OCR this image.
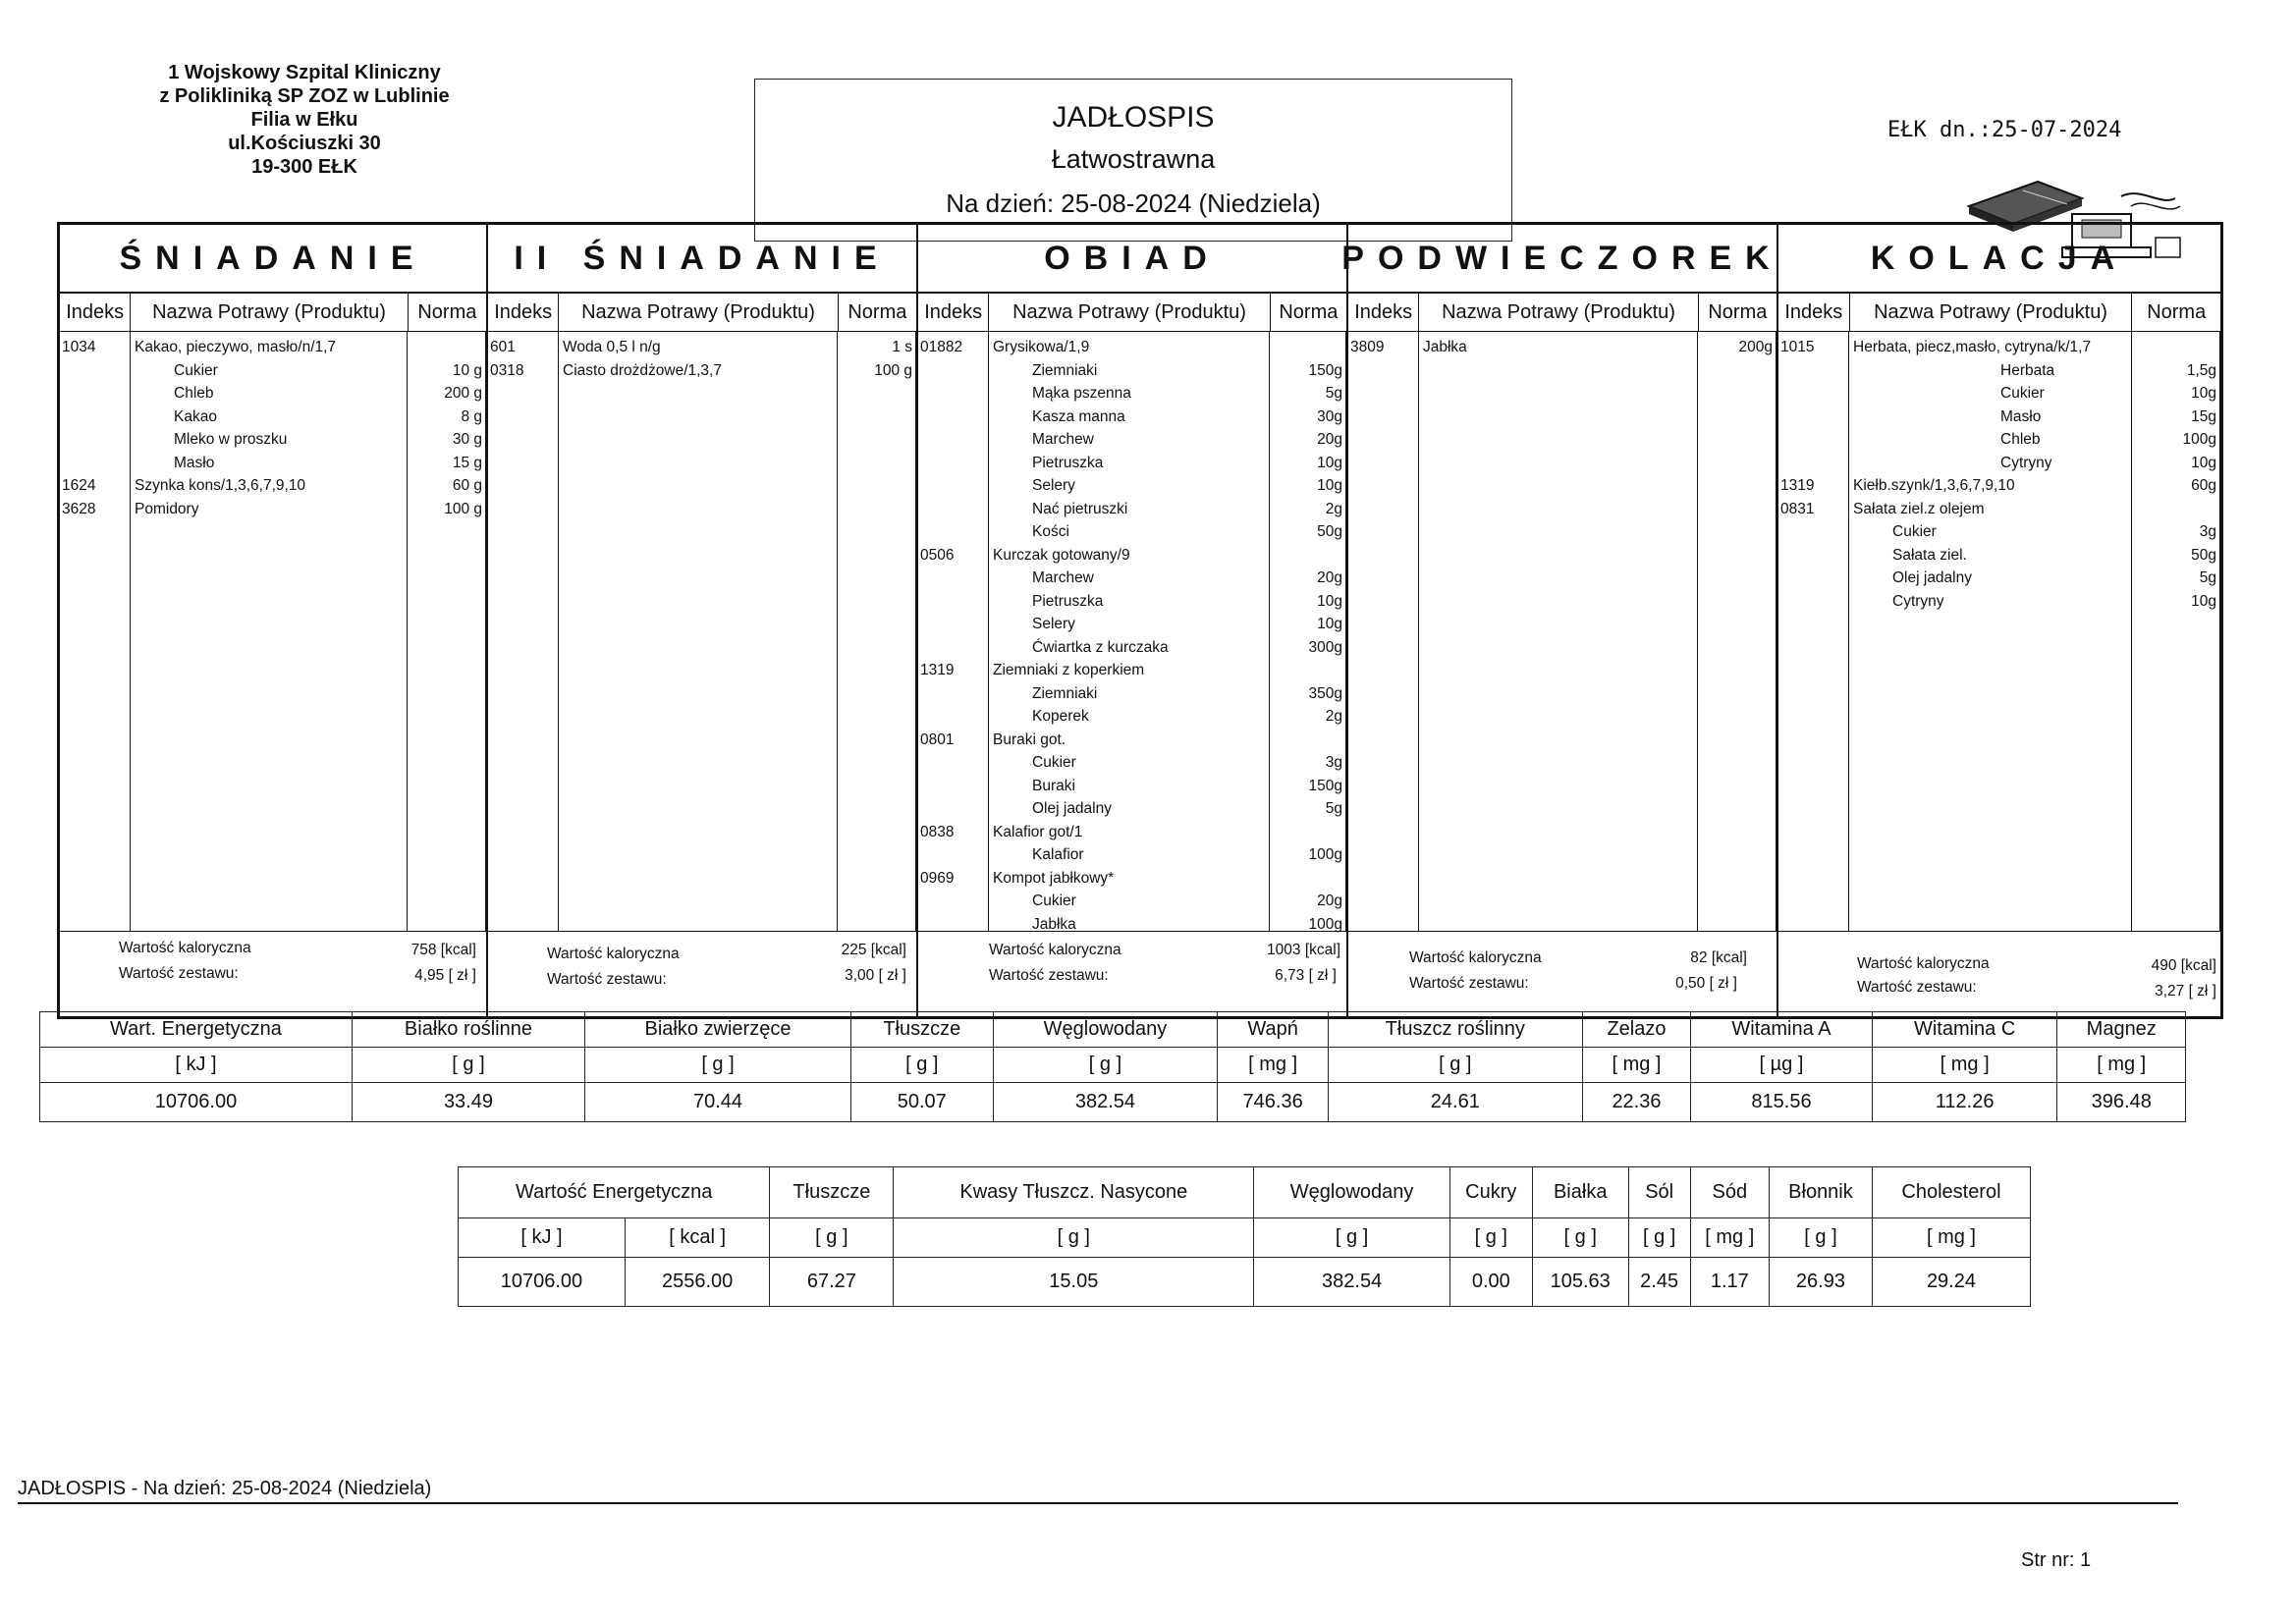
1 Wojskowy Szpital Kliniczny
z Polikliniką SP ZOZ w Lublinie
Filia w Ełku
ul.Kościuszki 30
19-300 EŁK
JADŁOSPIS
Łatwostrawna
Na dzień: 25-08-2024 (Niedziela)
EŁK dn.:25-07-2024
ŚNIADANIE
Indeks	Nazwa Potrawy (Produktu)	Norma
1034	Kakao, pieczywo, masło/n/1,7
Cukier	10 g
Chleb	200 g
Kakao	8 g
Mleko w proszku	30 g
Masło	15 g
1624	Szynka kons/1,3,6,7,9,10	60 g
3628	Pomidory	100 g
Wartość kaloryczna	758 [kcal]
Wartość zestawu:	4,95 [ zł ]
II ŚNIADANIE
Indeks	Nazwa Potrawy (Produktu)	Norma
601	Woda 0,5 l n/g	1 s
0318	Ciasto drożdżowe/1,3,7	100 g
Wartość kaloryczna	225 [kcal]
Wartość zestawu:	3,00 [ zł ]
OBIAD
Indeks	Nazwa Potrawy (Produktu)	Norma
01882 Grysikowa/1,9
Ziemniaki	150g
Mąka pszenna	5g
Kasza manna	30g
Marchew	20g
Pietruszka	10g
Selery	10g
Nać pietruszki	2g
Kości	50g
0506	Kurczak gotowany/9
Marchew	20g
Pietruszka	10g
Selery	10g
Ćwiartka z kurczaka	300g
1319	Ziemniaki z koperkiem
Ziemniaki	350g
Koperek	2g
0801	Buraki got.
Cukier	3g
Buraki	150g
Olej jadalny	5g
0838	Kalafior got/1
Kalafior	100g
0969	Kompot jabłkowy*
Cukier	20g
Jabłka	100g
Wartość kaloryczna	1003 [kcal]
Wartość zestawu:	6,73 [ zł ]
PODWIECZOREK
Indeks	Nazwa Potrawy (Produktu)	Norma
3809	Jabłka	200g
Wartość kaloryczna	82 [kcal]
Wartość zestawu:	0,50 [ zł ]
KOLACJA
Indeks	Nazwa Potrawy (Produktu)	Norma
1015	Herbata, piecz,masło, cytryna/k/1,7
Herbata	1,5g
Cukier	10g
Masło	15g
Chleb	100g
Cytryny	10g
1319	Kiełb.szynk/1,3,6,7,9,10	60g
0831	Sałata ziel.z olejem
Cukier	3g
Sałata ziel.	50g
Olej jadalny	5g
Cytryny	10g
Wartość kaloryczna	490 [kcal]
Wartość zestawu:	3,27 [ zł ]
Wart. Energetyczna	Białko roślinne	Białko zwierzęce	Tłuszcze	Węglowodany	Wapń	Tłuszcz roślinny	Żelazo	Witamina A	Witamina C	Magnez
[ kJ ]	[ g ]	[ g ]	[ g ]	[ g ]	[ mg ]	[ g ]	[ mg ]	[ µg ]	[ mg ]	[ mg ]
10706.00	33.49	70.44	50.07	382.54	746.36	24.61	22.36	815.56	112.26	396.48
Wartość Energetyczna		Tłuszcze	Kwasy Tłuszcz. Nasycone	Węglowodany	Cukry	Białka	Sól	Sód	Błonnik	Cholesterol
[ kJ ]	[ kcal ]	[ g ]	[ g ]	[ g ]	[ g ]	[ g ]	[ g ]	[ mg ]	[ g ]	[ mg ]
10706.00	2556.00	67.27	15.05	382.54	0.00	105.63	2.45	1.17	26.93	29.24
JADŁOSPIS - Na dzień: 25-08-2024 (Niedziela)
Str nr: 1
